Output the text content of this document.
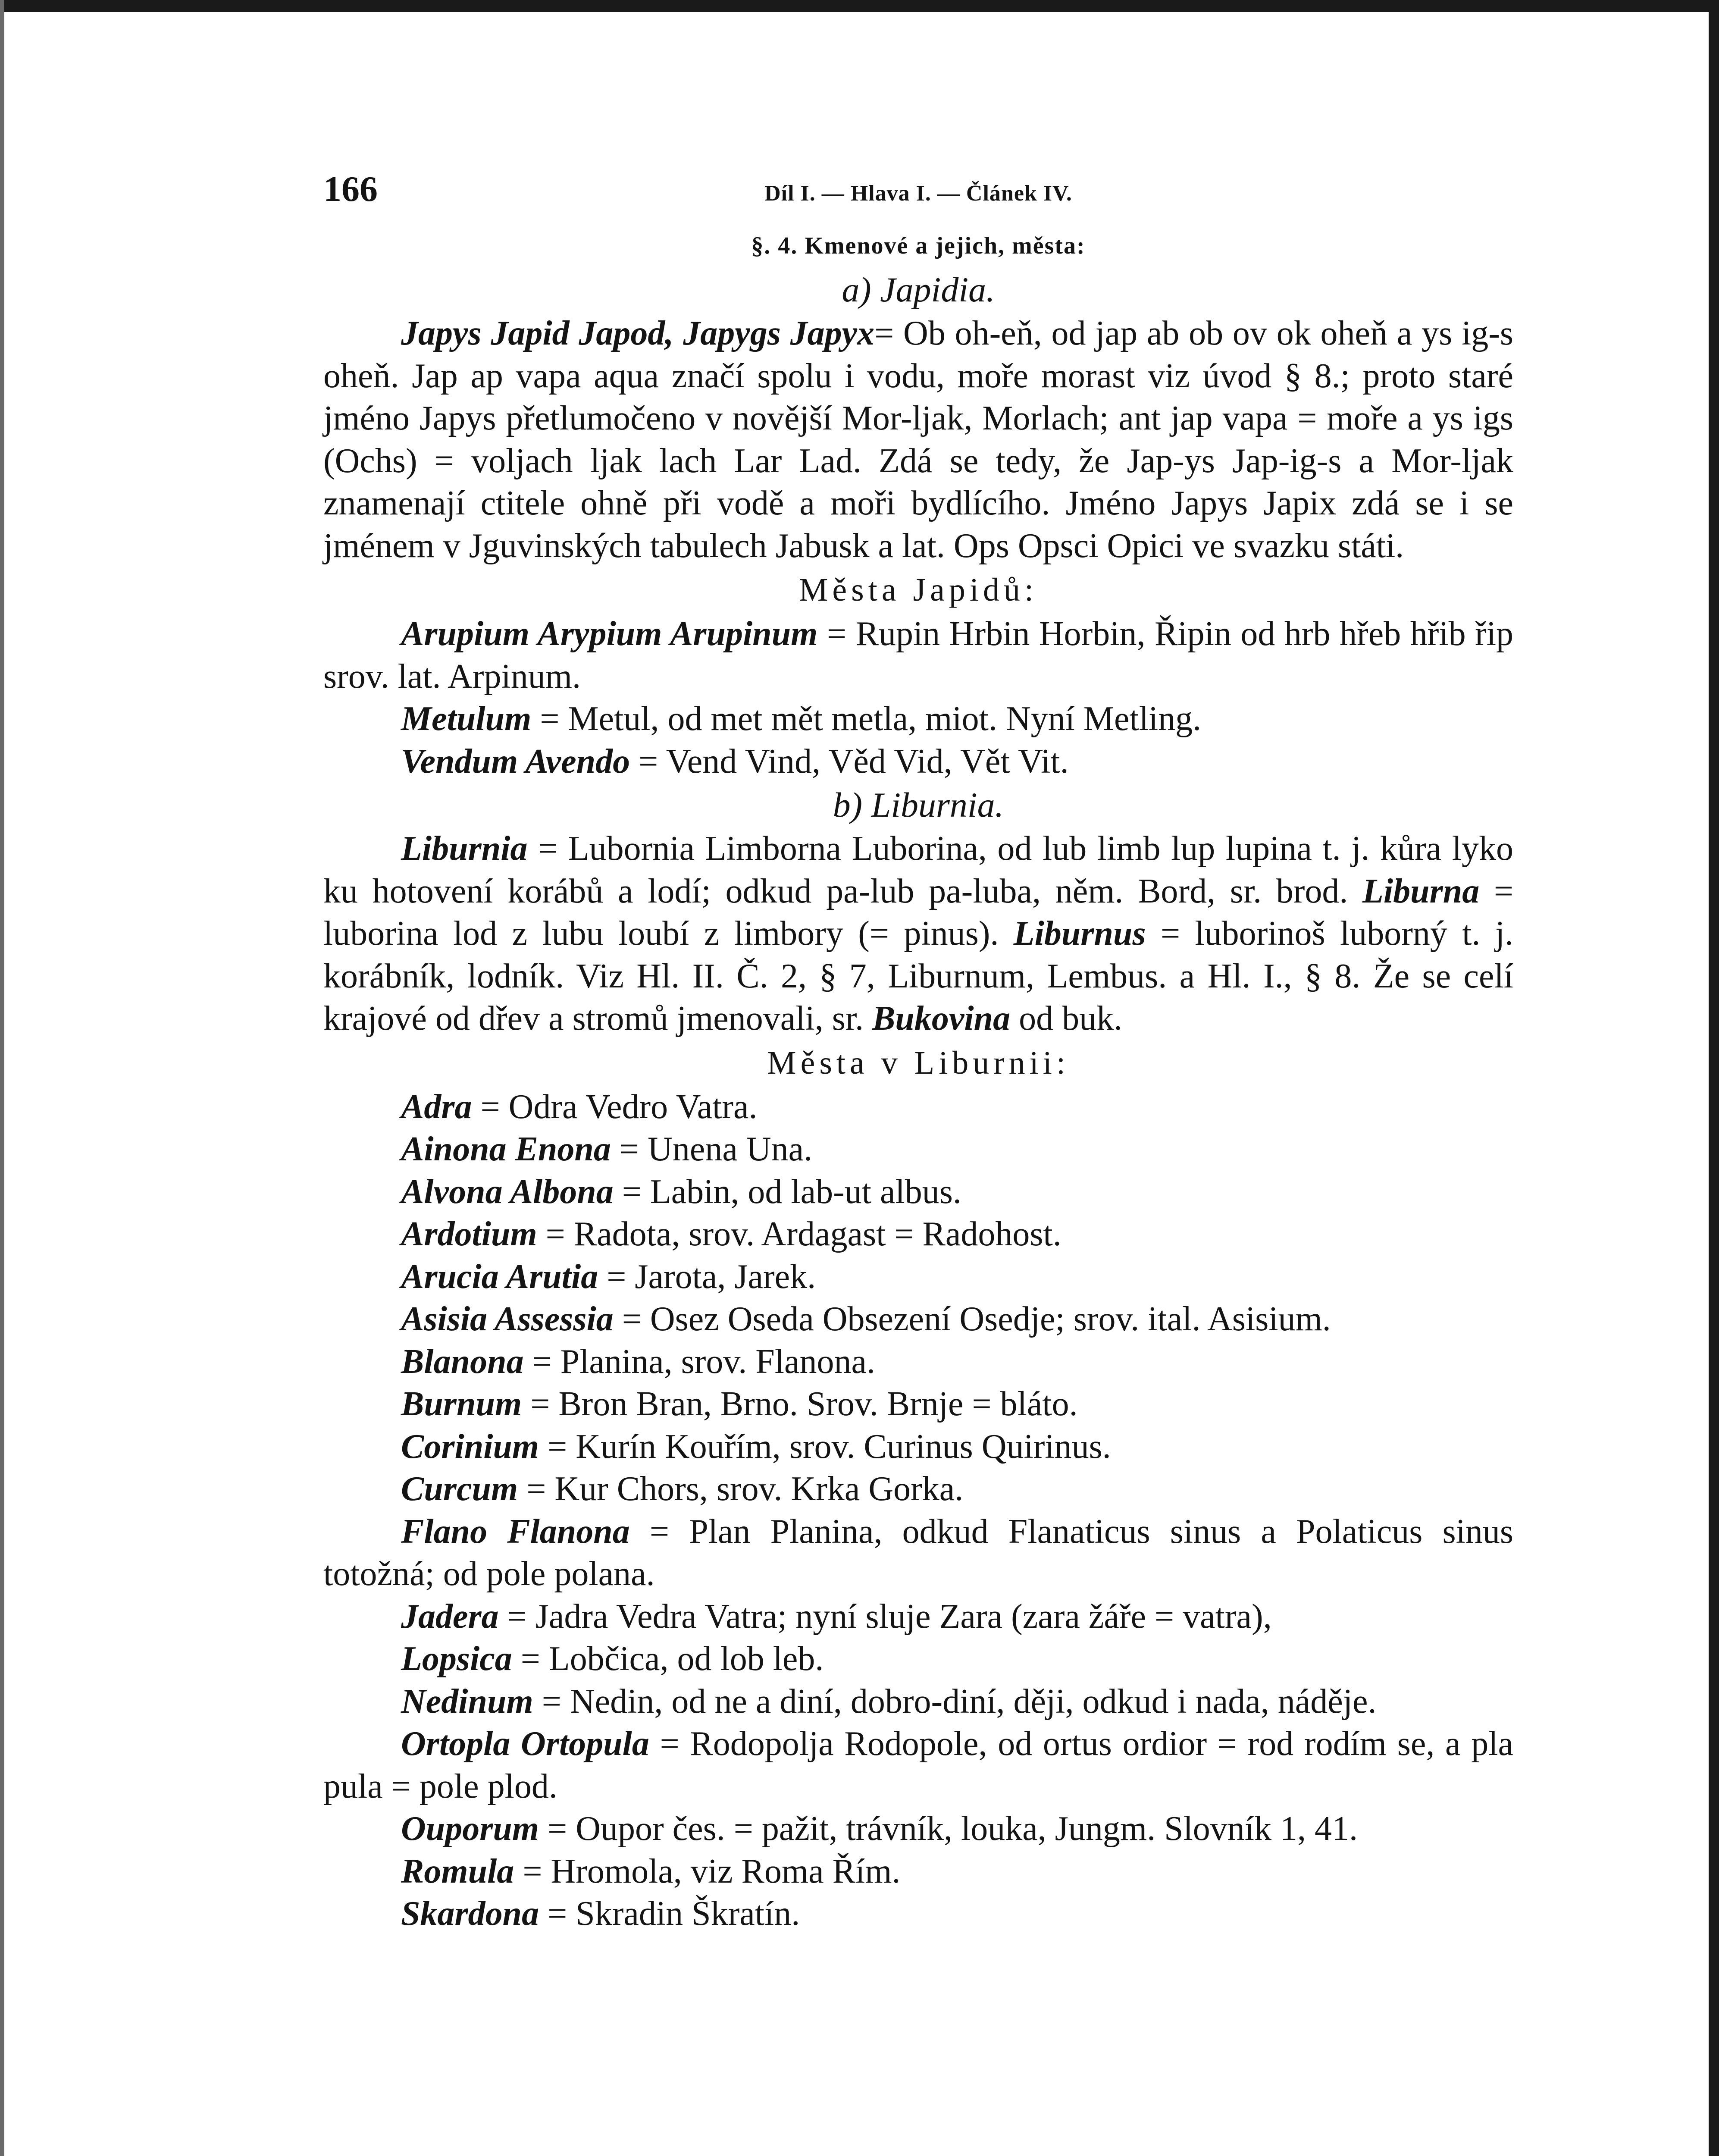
166	Díl I. — Hlava I. — Článek IV.
§. 4. Kmenové a jejich, města:
a) Japidia.

Japys Japid Japod, Japygs Japyx= Ob oh-eň, od jap ab ob ov ok oheň a ys ig-s oheň. Jap ap vapa aqua značí spolu i vodu, moře morast viz úvod § 8.; proto staré jméno Japys přetlumočeno v novější Mor-ljak, Morlach; ant jap vapa = moře a ys igs (Ochs) = voljach ljak lach Lar Lad. Zdá se tedy, že Jap-ys Jap-ig-s a Mor-ljak znamenají ctitele ohně při vodě a moři bydlícího. Jméno Japys Japix zdá se i se jménem v Jguvinských tabulech Jabusk a lat. Ops Opsci Opici ve svazku státi.

Města Japidů:

Arupium Arypium Arupinum = Rupin Hrbin Horbin, Řipin od hrb hřeb hřib řip srov. lat. Arpinum.

Metulum = Metul, od met mět metla, miot. Nyní Metling.

Vendum Avendo = Vend Vind, Věd Vid, Vět Vit.

b) Liburnia.

Liburnia = Lubornia Limborna Luborina, od lub limb lup lupina t. j. kůra lyko ku hotovení korábů a lodí; odkud pa-lub pa-luba, něm. Bord, sr. brod. Liburna = luborina lod z lubu loubí z limbory (= pinus). Liburnus = luborinoš luborný t. j. korábník, lodník. Viz Hl. II. Č. 2, § 7, Liburnum, Lembus. a Hl. I., § 8. Že se celí krajové od dřev a stromů jmenovali, sr. Bukovina od buk.

Města v Liburnii:

Adra = Odra Vedro Vatra.

Ainona Enona = Unena Una.

Alvona Albona = Labin, od lab-ut albus.

Ardotium = Radota, srov. Ardagast = Radohost.

Arucia Arutia = Jarota, Jarek.

Asisia Assessia = Osez Oseda Obsezení Osedje; srov. ital. Asisium.

Blanona = Planina, srov. Flanona.

Burnum = Bron Bran, Brno. Srov. Brnje = bláto.

Corinium = Kurín Kouřím, srov. Curinus Quirinus.

Curcum = Kur Chors, srov. Krka Gorka.

Flano Flanona = Plan Planina, odkud Flanaticus sinus a Polaticus sinus totožná; od pole polana.

Jadera = Jadra Vedra Vatra; nyní sluje Zara (zara žáře = vatra),

Lopsica = Lobčica, od lob leb.

Nedinum = Nedin, od ne a diní, dobro-diní, ději, odkud i nada, náděje.

Ortopla Ortopula = Rodopolja Rodopole, od ortus ordior = rod rodím se, a pla pula = pole plod.

Ouporum = Oupor čes. = pažit, trávník, louka, Jungm. Slovník 1, 41.

Romula = Hromola, viz Roma Řím.

Skardona = Skradin Škratín.
